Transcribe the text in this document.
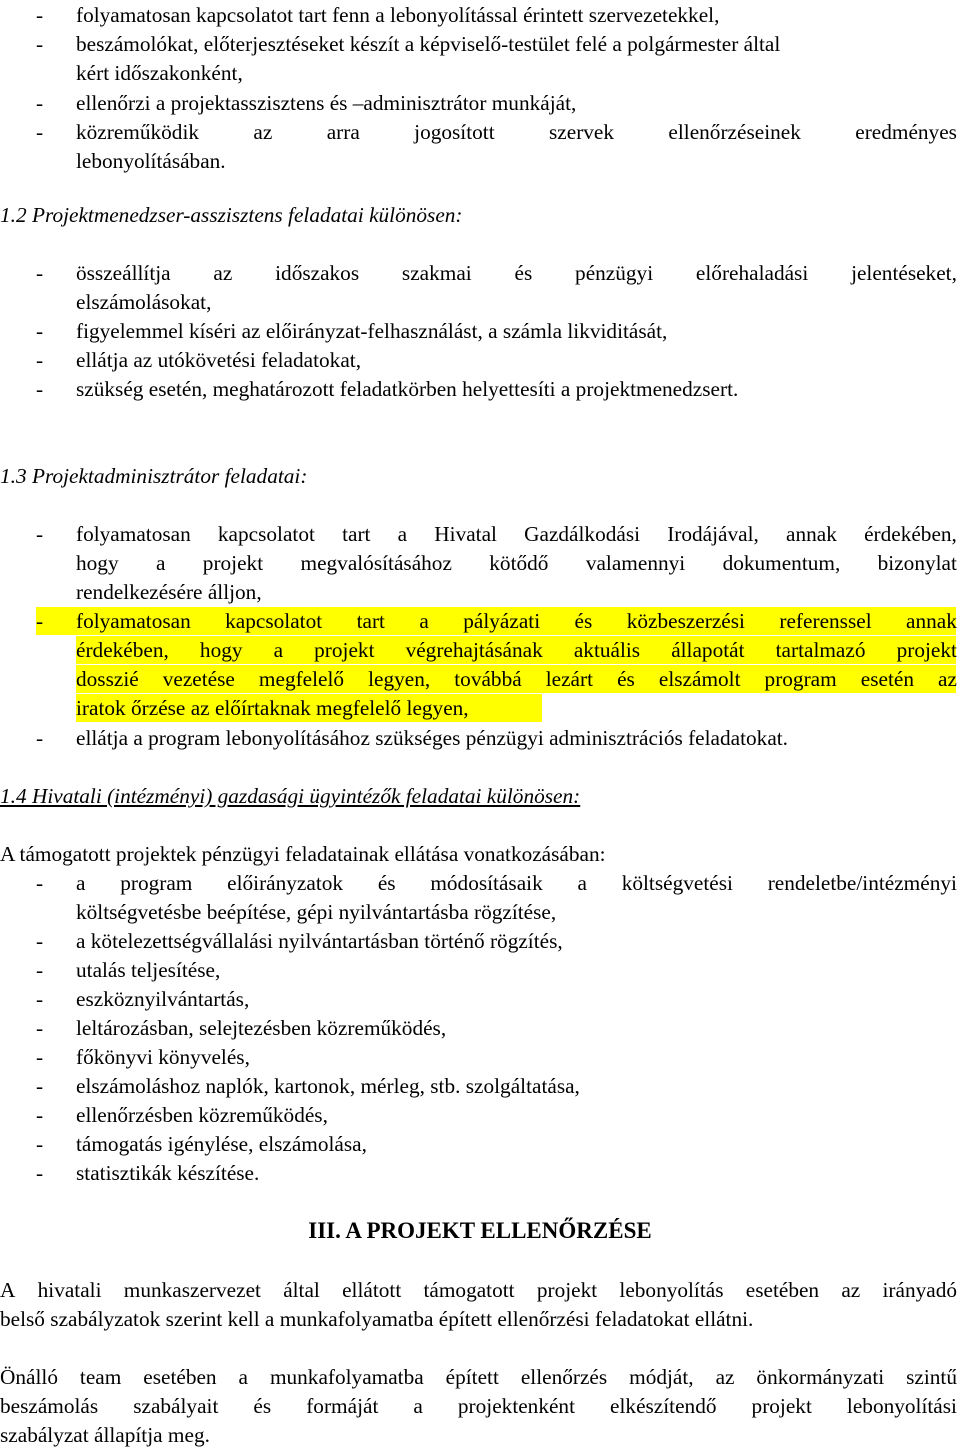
- folyamatosan kapcsolatot tart fenn a lebonyolítással érintett szervezetekkel,
- beszámolókat, előterjesztéseket készít a képviselő-testület felé a polgármester által
kért időszakonként,
- ellenőrzi a projektasszisztens és –adminisztrátor munkáját,
- közreműködik	az	arra	jogosított	szervek	ellenőrzéseinek	eredményes
lebonyolításában.
1.2 Projektmenedzser-asszisztens feladatai különösen:
- összeállítja az időszakos szakmai és pénzügyi előrehaladási jelentéseket,
elszámolásokat,
- figyelemmel kíséri az előirányzat-felhasználást, a számla likviditását,
- ellátja az utókövetési feladatokat,
- szükség esetén, meghatározott feladatkörben helyettesíti a projektmenedzsert.
1.3 Projektadminisztrátor feladatai:
- folyamatosan kapcsolatot tart a Hivatal Gazdálkodási Irodájával, annak érdekében,
hogy a projekt megvalósításához kötődő valamennyi dokumentum, bizonylat
rendelkezésére álljon,
- folyamatosan kapcsolatot tart a pályázati és közbeszerzési referenssel annak
érdekében, hogy a projekt végrehajtásának aktuális állapotát tartalmazó projekt
dosszié vezetése megfelelő legyen, továbbá lezárt és elszámolt program esetén az
iratok őrzése az előírtaknak megfelelő legyen,
- ellátja a program lebonyolításához szükséges pénzügyi adminisztrációs feladatokat.
1.4 Hivatali (intézményi) gazdasági ügyintézők feladatai különösen:
A támogatott projektek pénzügyi feladatainak ellátása vonatkozásában:
- a program előirányzatok és módosításaik a költségvetési rendeletbe/intézményi
költségvetésbe beépítése, gépi nyilvántartásba rögzítése,
- a kötelezettségvállalási nyilvántartásban történő rögzítés,
- utalás teljesítése,
- eszköznyilvántartás,
- leltározásban, selejtezésben közreműködés,
- főkönyvi könyvelés,
- elszámoláshoz naplók, kartonok, mérleg, stb. szolgáltatása,
- ellenőrzésben közreműködés,
- támogatás igénylése, elszámolása,
- statisztikák készítése.
III. A PROJEKT ELLENŐRZÉSE
A hivatali munkaszervezet által ellátott támogatott projekt lebonyolítás esetében az irányadó
belső szabályzatok szerint kell a munkafolyamatba épített ellenőrzési feladatokat ellátni.
Önálló team esetében a munkafolyamatba épített ellenőrzés módját, az önkormányzati szintű
beszámolás szabályait és formáját a projektenként elkészítendő projekt lebonyolítási
szabályzat állapítja meg.
